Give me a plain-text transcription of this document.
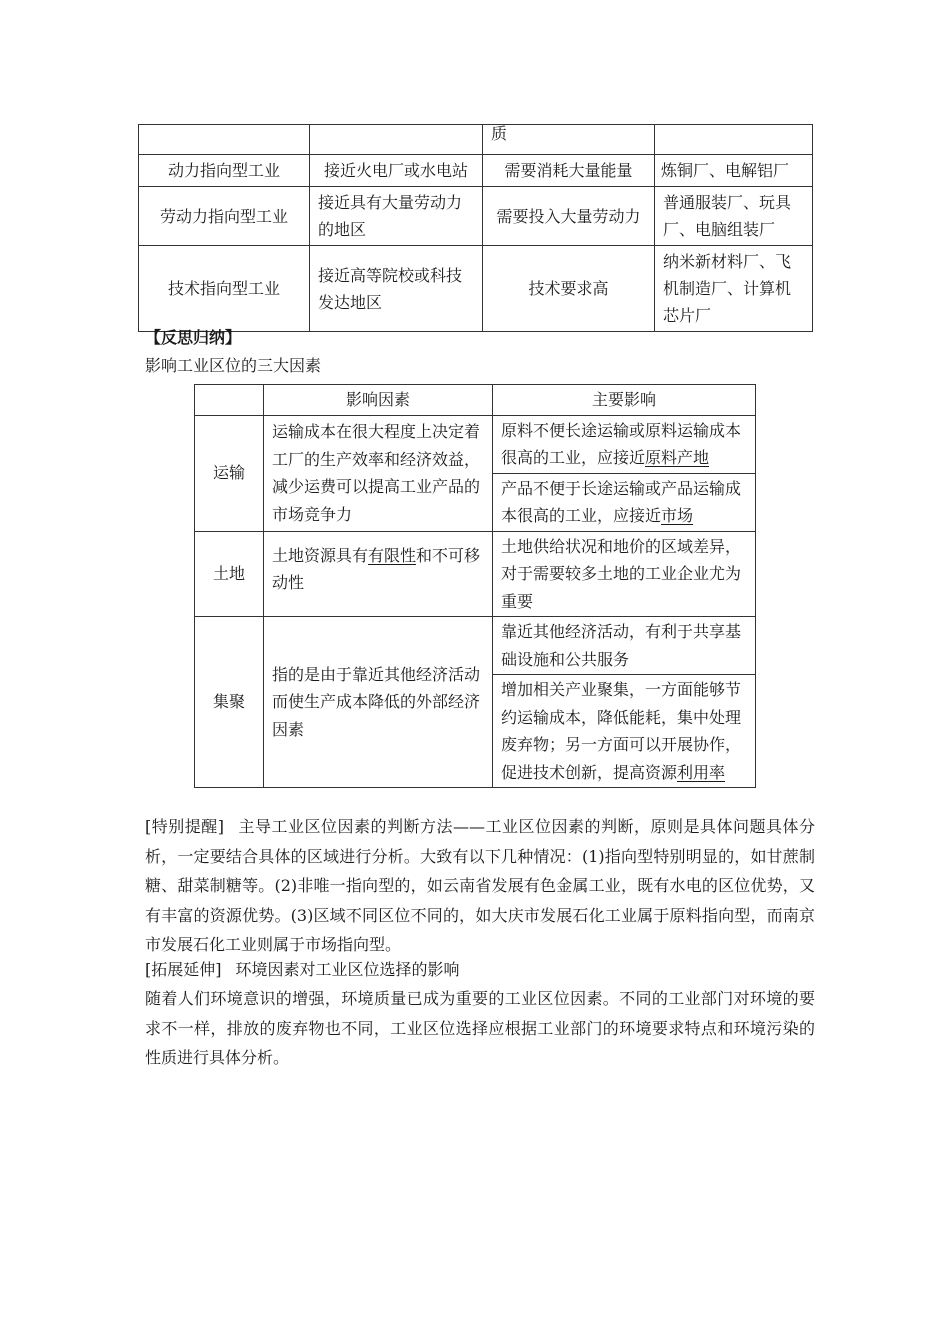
		质	
动力指向型工业	接近火电厂或水电站	需要消耗大量能量	炼铜厂、电解铝厂
劳动力指向型工业	接近具有大量劳动力的地区	需要投入大量劳动力	普通服装厂、玩具厂、电脑组装厂
技术指向型工业	接近高等院校或科技发达地区	技术要求高	纳米新材料厂、飞机制造厂、计算机芯片厂
【反思归纳】
影响工业区位的三大因素
	影响因素	主要影响
运输	运输成本在很大程度上决定着工厂的生产效率和经济效益，减少运费可以提高工业产品的市场竞争力	原料不便长途运输或原料运输成本很高的工业，应接近原料产地
		产品不便于长途运输或产品运输成本很高的工业，应接近市场
土地	土地资源具有有限性和不可移动性	土地供给状况和地价的区域差异，对于需要较多土地的工业企业尤为重要
集聚	指的是由于靠近其他经济活动而使生产成本降低的外部经济因素	靠近其他经济活动，有利于共享基础设施和公共服务
		增加相关产业聚集，一方面能够节约运输成本，降低能耗，集中处理废弃物；另一方面可以开展协作，促进技术创新，提高资源利用率
[特别提醒] 主导工业区位因素的判断方法——工业区位因素的判断，原则是具体问题具体分析，一定要结合具体的区域进行分析。大致有以下几种情况：(1)指向型特别明显的，如甘蔗制糖、甜菜制糖等。(2)非唯一指向型的，如云南省发展有色金属工业，既有水电的区位优势，又有丰富的资源优势。(3)区域不同区位不同的，如大庆市发展石化工业属于原料指向型，而南京市发展石化工业则属于市场指向型。
[拓展延伸] 环境因素对工业区位选择的影响
随着人们环境意识的增强，环境质量已成为重要的工业区位因素。不同的工业部门对环境的要求不一样，排放的废弃物也不同，工业区位选择应根据工业部门的环境要求特点和环境污染的性质进行具体分析。
